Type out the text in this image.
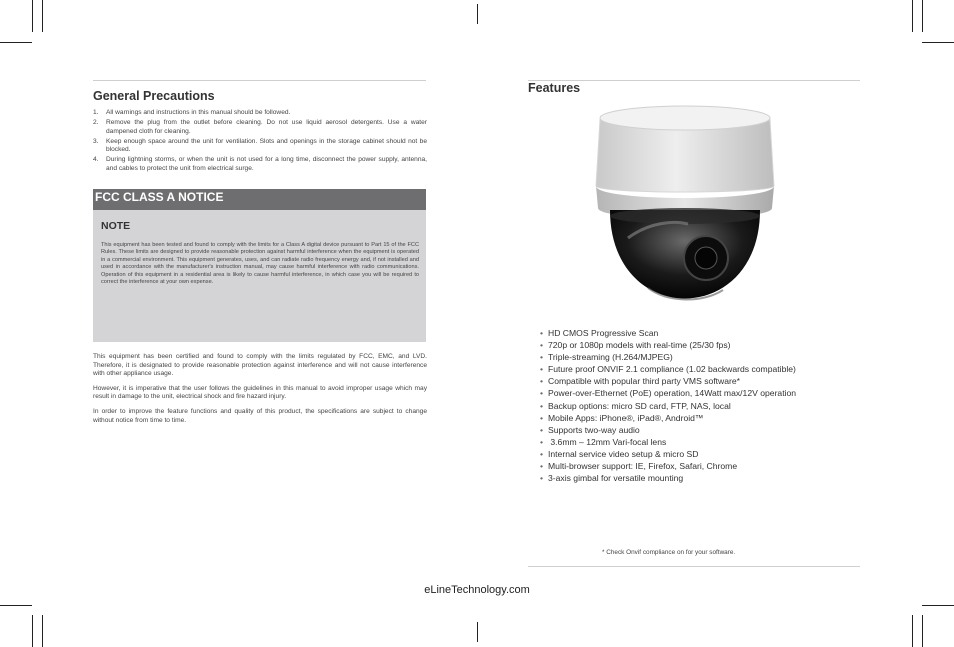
General Precautions
1. All warnings and instructions in this manual should be followed.
2. Remove the plug from the outlet before cleaning. Do not use liquid aerosol detergents. Use a water dampened cloth for cleaning.
3. Keep enough space around the unit for ventilation. Slots and openings in the storage cabinet should not be blocked.
4. During lightning storms, or when the unit is not used for a long time, disconnect the power supply, antenna, and cables to protect the unit from electrical surge.
FCC CLASS A NOTICE
NOTE

This equipment has been tested and found to comply with the limits for a Class A digital device pursuant to Part 15 of the FCC Rules. These limits are designed to provide reasonable protection against harmful interference when the equipment is operated in a commercial environment. This equipment generates, uses, and can radiate radio frequency energy and, if not installed and used in accordance with the manufacturer's instruction manual, may cause harmful interference with radio communications. Operation of this equipment in a residential area is likely to cause harmful interference, in which case you will be required to correct the interference at your own expense.

This equipment has been certified and found to comply with the limits regulated by FCC, EMC, and LVD. Therefore, it is designated to provide reasonable protection against interference and will not cause interference with other appliance usage.

However, it is imperative that the user follows the guidelines in this manual to avoid improper usage which may result in damage to the unit, electrical shock and fire hazard injury.

In order to improve the feature functions and quality of this product, the specifications are subject to change without notice from time to time.

Features
• HD CMOS Progressive Scan
• 720p or 1080p models with real-time (25/30 fps)
• Triple-streaming (H.264/MJPEG)
• Future proof ONVIF 2.1 compliance (1.02 backwards compatible)
• Compatible with popular third party VMS software*
• Power-over-Ethernet (PoE) operation, 14Watt max/12V operation
• Backup options: micro SD card, FTP, NAS, local
• Mobile Apps: iPhone®, iPad®, Android™
• Supports two-way audio
• 3.6mm – 12mm Vari-focal lens
• Internal service video setup & micro SD
• Multi-browser support: IE, Firefox, Safari, Chrome
• 3-axis gimbal for versatile mounting
* Check Onvif compliance on for your software.
eLineTechnology.com
